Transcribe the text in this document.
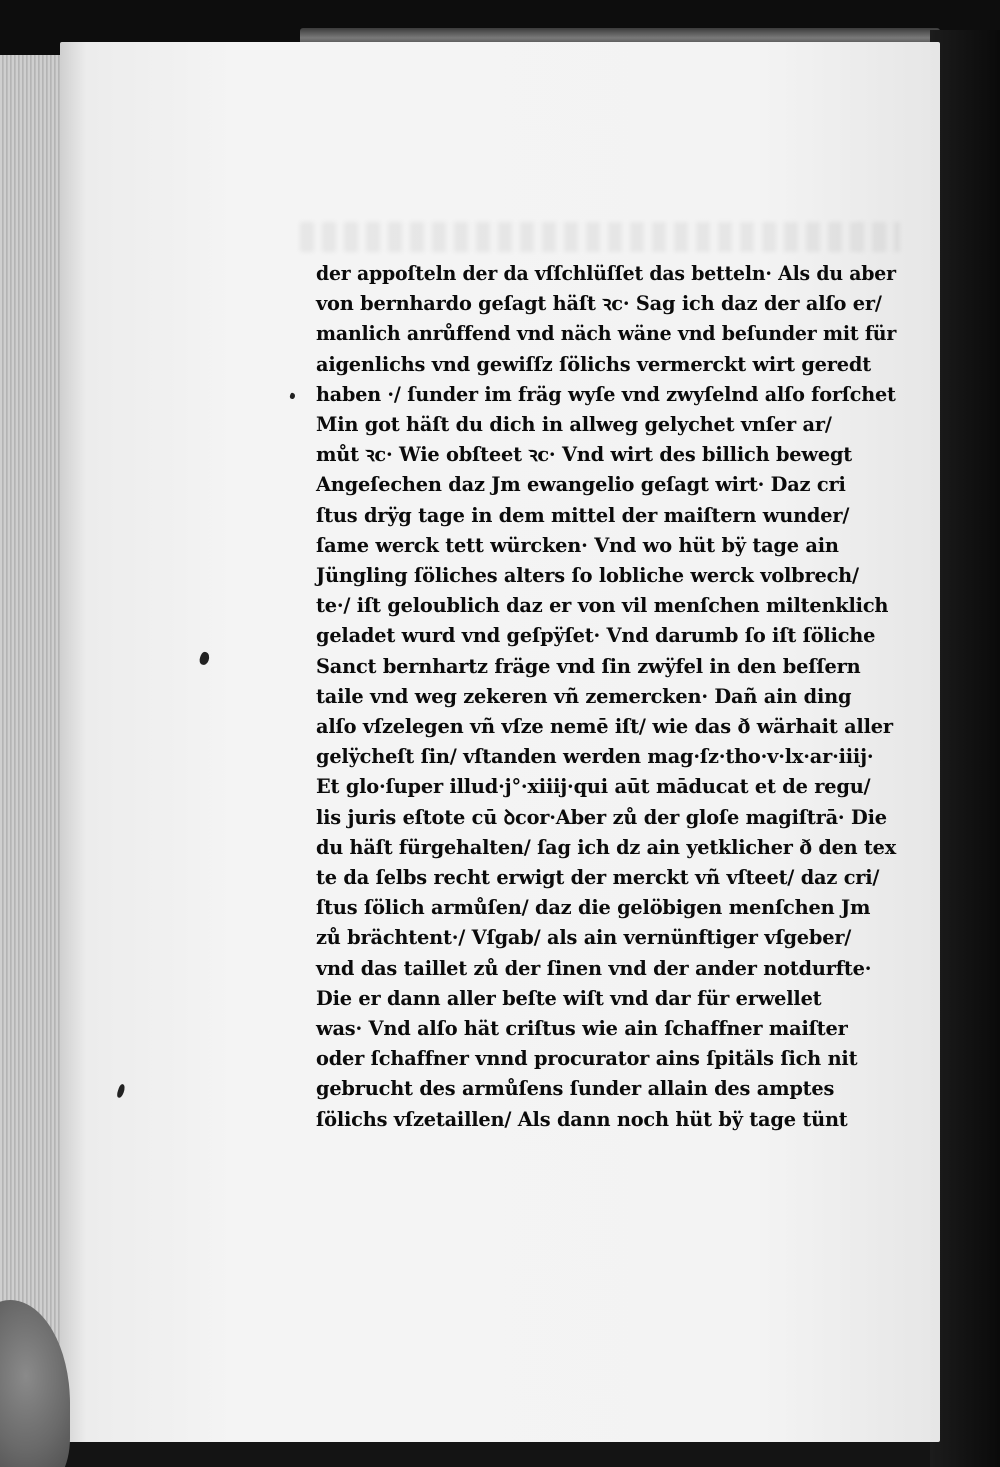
der appoſteln der da vſſchlüſſet das betteln· Als du aber
von bernhardo geſagt häſt ꝛc· Sag ich daz der alſo er/
manlich anrůffend vnd näch wäne vnd beſunder mit für
aigenlichs vnd gewiſſz ſölichs vermerckt wirt geredt
haben ·/ ſunder im fräg wyſe vnd zwyſelnd alſo forſchet
Min got häſt du dich in allweg gelychet vnſer ar/
můt ꝛc· Wie obſteet ꝛc· Vnd wirt des billich bewegt
Angeſechen daz Jm ewangelio geſagt wirt· Daz cri
ſtus drÿg tage in dem mittel der maiſtern wunder/
ſame werck tett würcken· Vnd wo hüt bÿ tage ain
Jüngling ſöliches alters ſo lobliche werck volbrech/
te·/ iſt geloublich daz er von vil menſchen miltenklich
geladet wurd vnd geſpÿſet· Vnd darumb ſo iſt ſöliche
Sanct bernhartz fräge vnd ſin zwÿfel in den beſſern
taile vnd weg zekeren vñ zemercken· Dañ ain ding
alſo vſzelegen vñ vſze nemē iſt/ wie das ð wärhait aller
gelÿcheſt ſin/ vſtanden werden mag·ſz·tho·v·lx·ar·iiij·
Et glo·ſuper illud·j°·xiiij·qui aūt māducat et de regu/
lis juris eſtote cū ꝺcor·Aber zů der gloſe magiſtrā· Die
du häſt fürgehalten/ ſag ich dz ain yetklicher ð den tex
te da ſelbs recht erwigt der merckt vñ vſteet/ daz cri/
ſtus ſölich armůſen/ daz die gelöbigen menſchen Jm
zů brächtent·/ Vſgab/ als ain vernünftiger vſgeber/
vnd das taillet zů der ſinen vnd der ander notdurfte·
Die er dann aller beſte wiſt vnd dar für erwellet
was· Vnd alſo hät criſtus wie ain ſchaffner maiſter
oder ſchaffner vnnd procurator ains ſpitäls ſich nit
gebrucht des armůſens ſunder allain des amptes
ſölichs vſzetaillen/ Als dann noch hüt bÿ tage tünt
